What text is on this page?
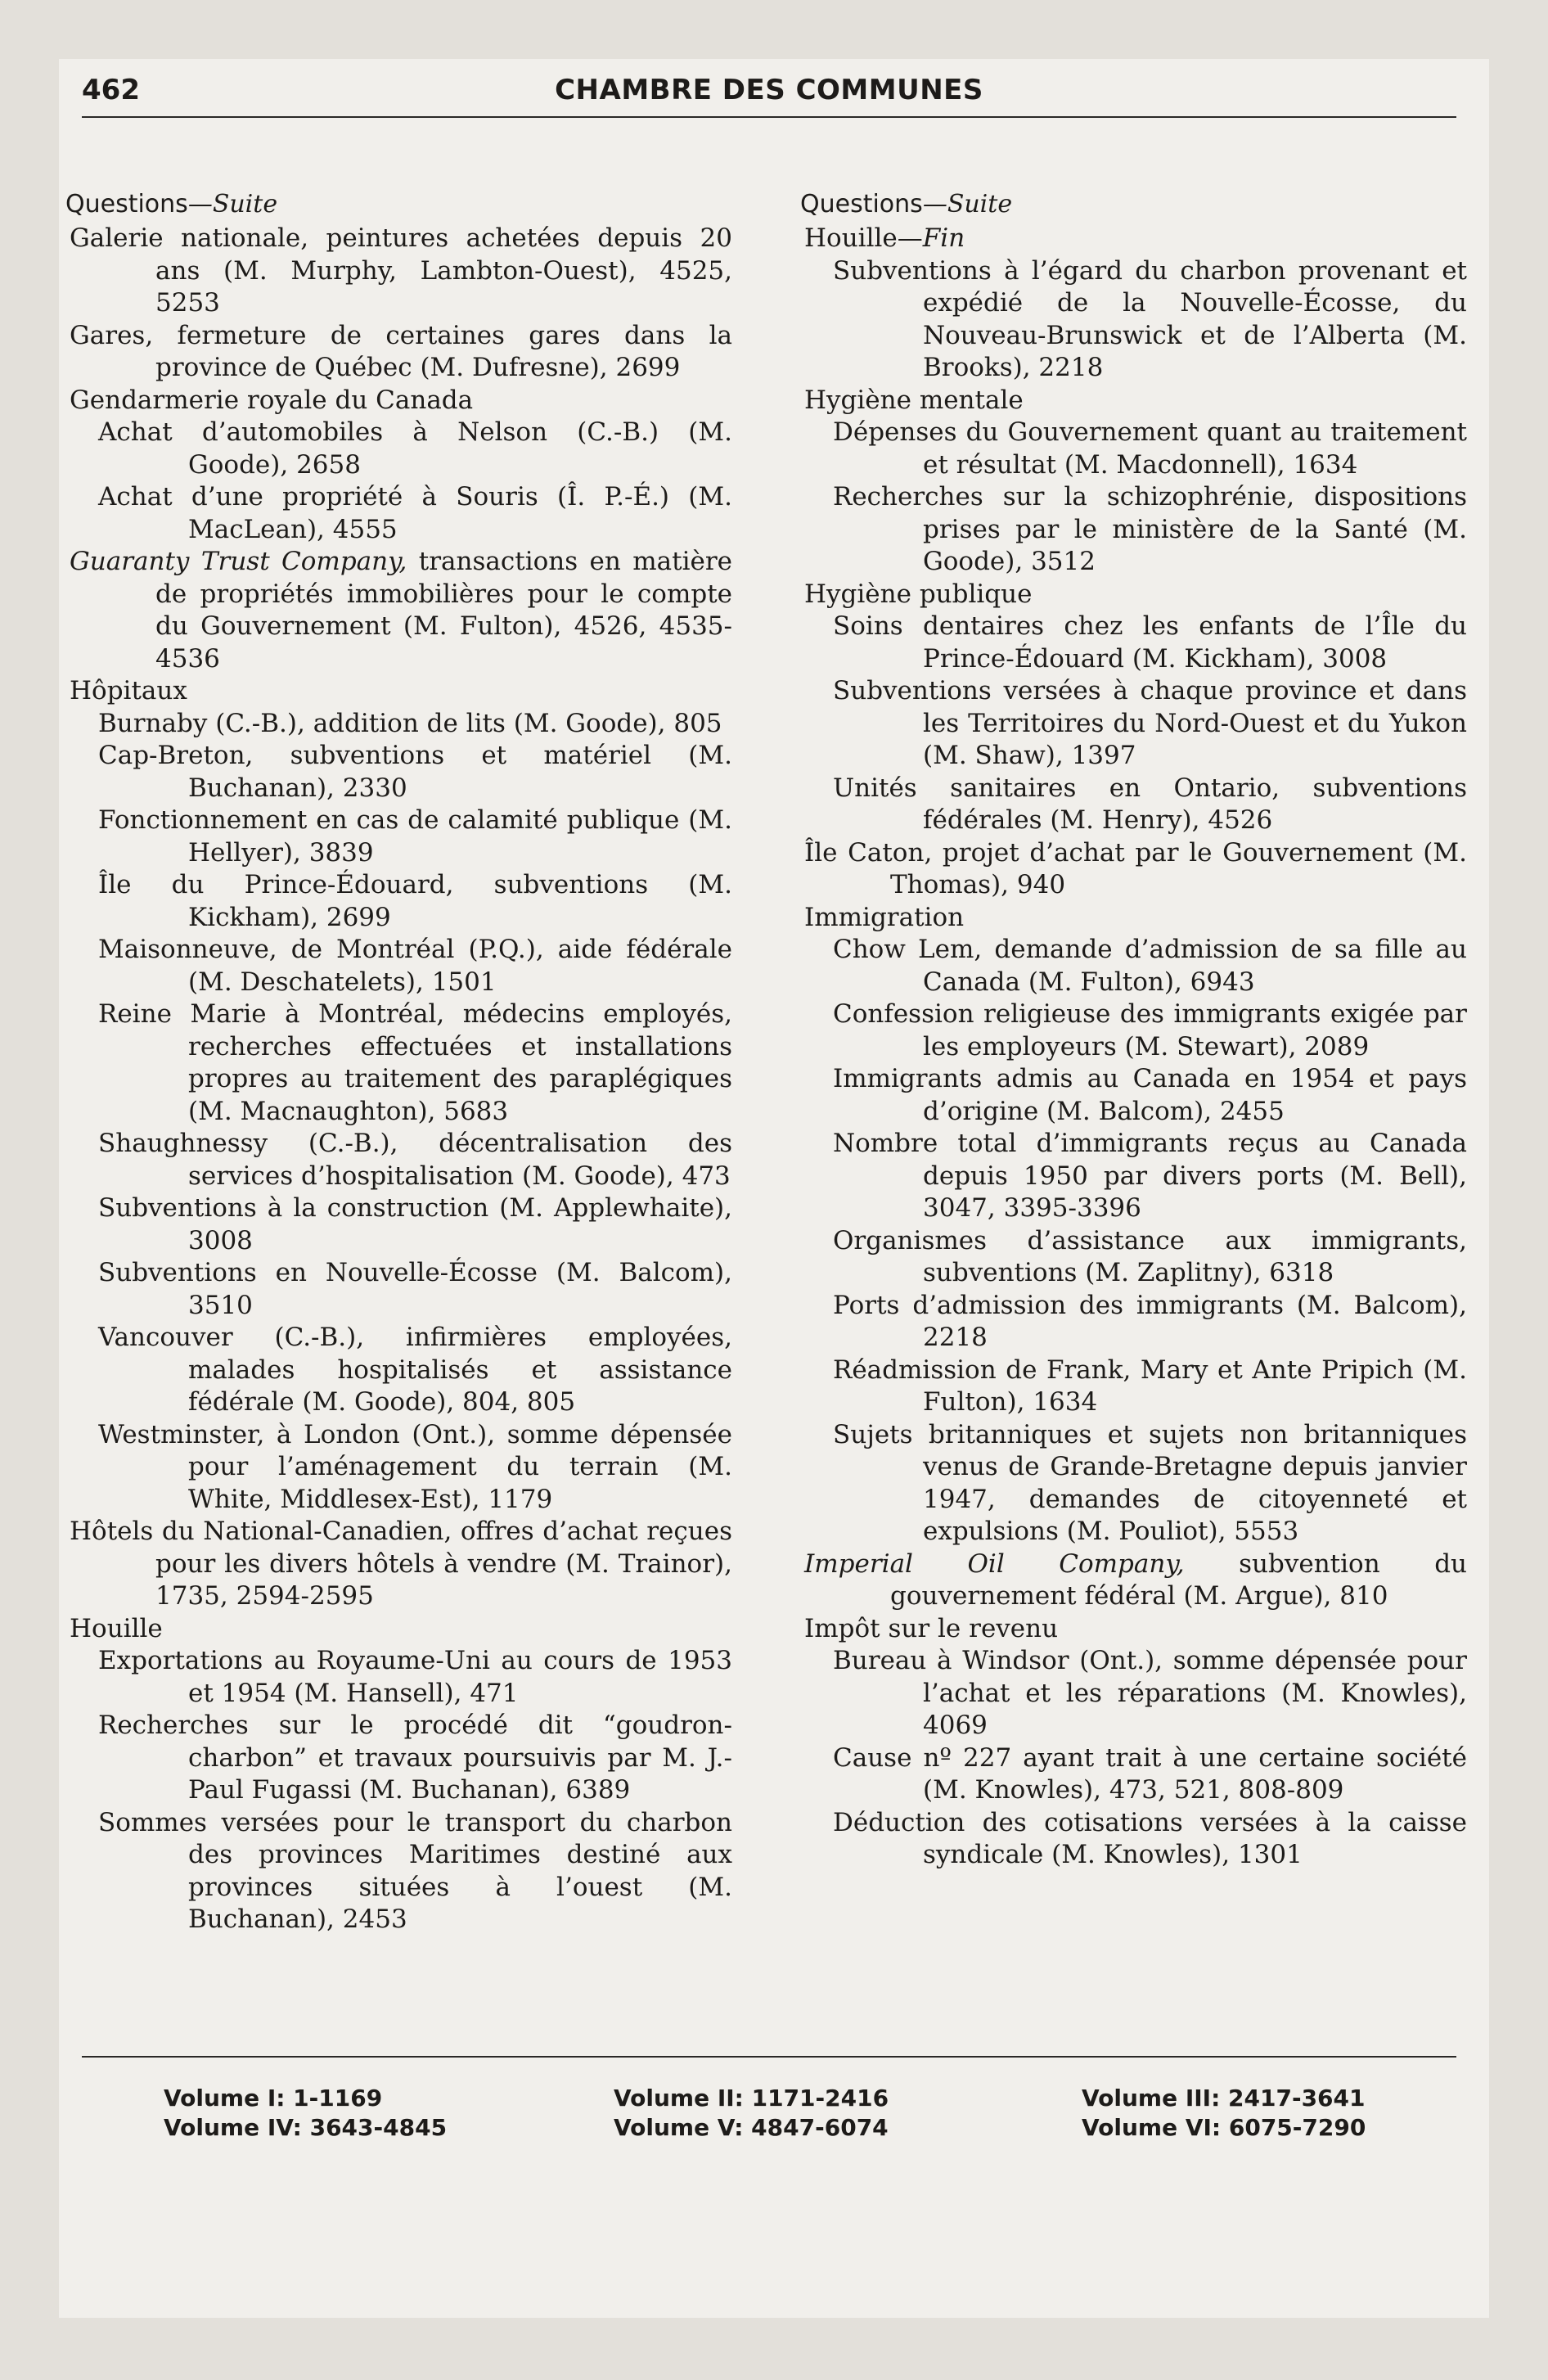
462	CHAMBRE DES COMMUNES
Questions—Suite
Galerie nationale, peintures achetées depuis 20 ans (M. Murphy, Lambton-Ouest), 4525, 5253
Gares, fermeture de certaines gares dans la province de Québec (M. Dufresne), 2699
Gendarmerie royale du Canada
Achat d’automobiles à Nelson (C.-B.) (M. Goode), 2658
Achat d’une propriété à Souris (Î. P.-É.) (M. MacLean), 4555
Guaranty Trust Company, transactions en matière de propriétés immobilières pour le compte du Gouvernement (M. Fulton), 4526, 4535-4536
Hôpitaux
Burnaby (C.-B.), addition de lits (M. Goode), 805
Cap-Breton, subventions et matériel (M. Buchanan), 2330
Fonctionnement en cas de calamité publique (M. Hellyer), 3839
Île du Prince-Édouard, subventions (M. Kickham), 2699
Maisonneuve, de Montréal (P.Q.), aide fédérale (M. Deschatelets), 1501
Reine Marie à Montréal, médecins employés, recherches effectuées et installations propres au traitement des paraplégiques (M. Macnaughton), 5683
Shaughnessy (C.-B.), décentralisation des services d’hospitalisation (M. Goode), 473
Subventions à la construction (M. Applewhaite), 3008
Subventions en Nouvelle-Écosse (M. Balcom), 3510
Vancouver (C.-B.), infirmières employées, malades hospitalisés et assistance fédérale (M. Goode), 804, 805
Westminster, à London (Ont.), somme dépensée pour l’aménagement du terrain (M. White, Middlesex-Est), 1179
Hôtels du National-Canadien, offres d’achat reçues pour les divers hôtels à vendre (M. Trainor), 1735, 2594-2595
Houille
Exportations au Royaume-Uni au cours de 1953 et 1954 (M. Hansell), 471
Recherches sur le procédé dit “goudron-charbon” et travaux poursuivis par M. J.-Paul Fugassi (M. Buchanan), 6389
Sommes versées pour le transport du charbon des provinces Maritimes destiné aux provinces situées à l’ouest (M. Buchanan), 2453
Questions—Suite
Houille—Fin
Subventions à l’égard du charbon provenant et expédié de la Nouvelle-Écosse, du Nouveau-Brunswick et de l’Alberta (M. Brooks), 2218
Hygiène mentale
Dépenses du Gouvernement quant au traitement et résultat (M. Macdonnell), 1634
Recherches sur la schizophrénie, dispositions prises par le ministère de la Santé (M. Goode), 3512
Hygiène publique
Soins dentaires chez les enfants de l’Île du Prince-Édouard (M. Kickham), 3008
Subventions versées à chaque province et dans les Territoires du Nord-Ouest et du Yukon (M. Shaw), 1397
Unités sanitaires en Ontario, subventions fédérales (M. Henry), 4526
Île Caton, projet d’achat par le Gouvernement (M. Thomas), 940
Immigration
Chow Lem, demande d’admission de sa fille au Canada (M. Fulton), 6943
Confession religieuse des immigrants exigée par les employeurs (M. Stewart), 2089
Immigrants admis au Canada en 1954 et pays d’origine (M. Balcom), 2455
Nombre total d’immigrants reçus au Canada depuis 1950 par divers ports (M. Bell), 3047, 3395-3396
Organismes d’assistance aux immigrants, subventions (M. Zaplitny), 6318
Ports d’admission des immigrants (M. Balcom), 2218
Réadmission de Frank, Mary et Ante Pripich (M. Fulton), 1634
Sujets britanniques et sujets non britanniques venus de Grande-Bretagne depuis janvier 1947, demandes de citoyenneté et expulsions (M. Pouliot), 5553
Imperial Oil Company, subvention du gouvernement fédéral (M. Argue), 810
Impôt sur le revenu
Bureau à Windsor (Ont.), somme dépensée pour l’achat et les réparations (M. Knowles), 4069
Cause nº 227 ayant trait à une certaine société (M. Knowles), 473, 521, 808-809
Déduction des cotisations versées à la caisse syndicale (M. Knowles), 1301
Volume I: 1-1169	Volume II: 1171-2416	Volume III: 2417-3641
Volume IV: 3643-4845	Volume V: 4847-6074	Volume VI: 6075-7290
